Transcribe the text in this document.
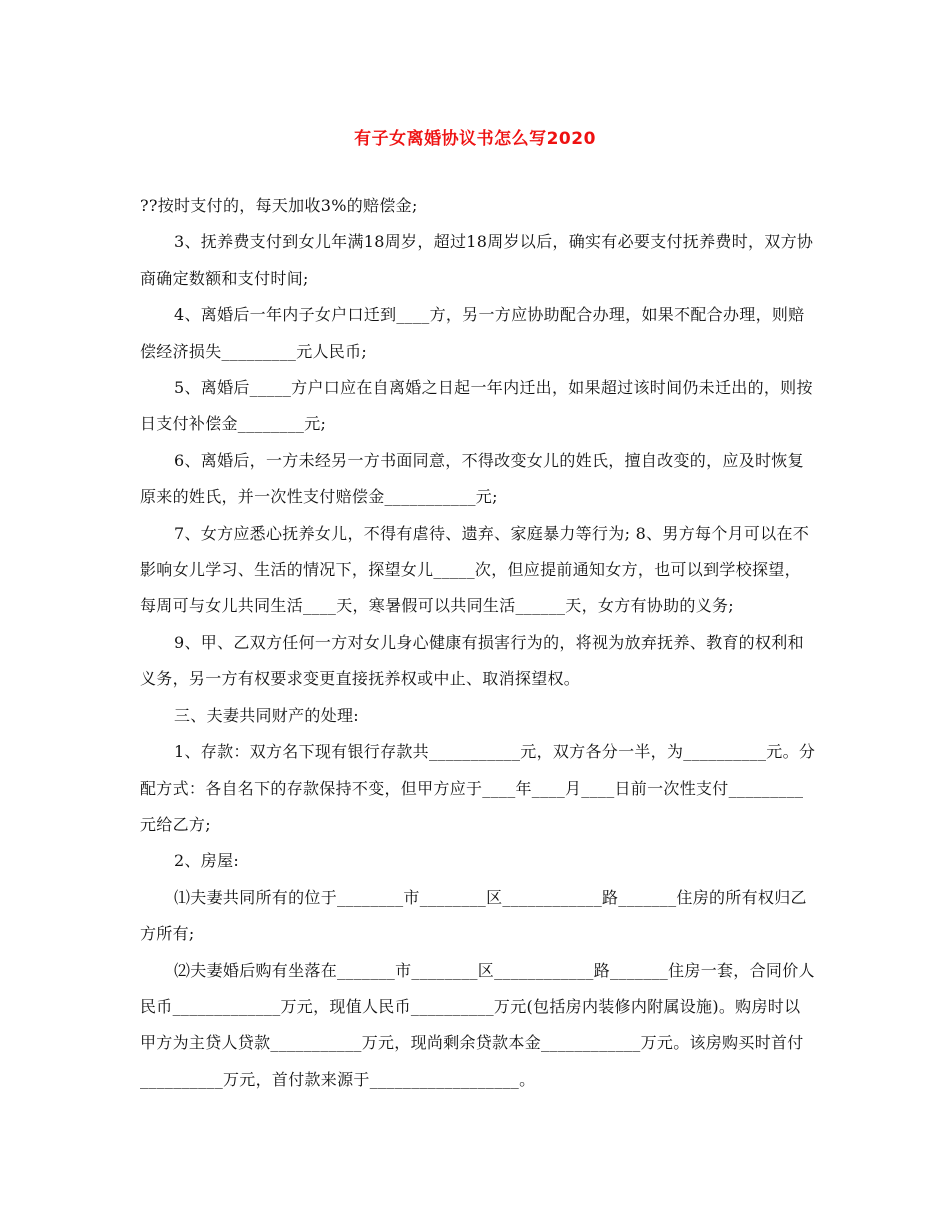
有子女离婚协议书怎么写2020

??按时支付的，每天加收3%的赔偿金;

3、抚养费支付到女儿年满18周岁，超过18周岁以后，确实有必要支付抚养费时，双方协商确定数额和支付时间;

4、离婚后一年内子女户口迁到____方，另一方应协助配合办理，如果不配合办理，则赔偿经济损失_________元人民币;

5、离婚后_____方户口应在自离婚之日起一年内迁出，如果超过该时间仍未迁出的，则按日支付补偿金________元;

6、离婚后，一方未经另一方书面同意，不得改变女儿的姓氏，擅自改变的，应及时恢复原来的姓氏，并一次性支付赔偿金___________元;

7、女方应悉心抚养女儿，不得有虐待、遗弃、家庭暴力等行为; 8、男方每个月可以在不影响女儿学习、生活的情况下，探望女儿_____次，但应提前通知女方，也可以到学校探望，每周可与女儿共同生活____天，寒暑假可以共同生活______天，女方有协助的义务;

9、甲、乙双方任何一方对女儿身心健康有损害行为的，将视为放弃抚养、教育的权利和义务，另一方有权要求变更直接抚养权或中止、取消探望权。

三、夫妻共同财产的处理:

1、存款：双方名下现有银行存款共___________元，双方各分一半，为__________元。分配方式：各自名下的存款保持不变，但甲方应于____年____月____日前一次性支付_________元给乙方;

2、房屋:

⑴夫妻共同所有的位于________市________区____________路_______住房的所有权归乙方所有;

⑵夫妻婚后购有坐落在_______市________区____________路_______住房一套，合同价人民币_____________万元，现值人民币__________万元(包括房内装修内附属设施)。购房时以甲方为主贷人贷款___________万元，现尚剩余贷款本金____________万元。该房购买时首付__________万元，首付款来源于__________________。
